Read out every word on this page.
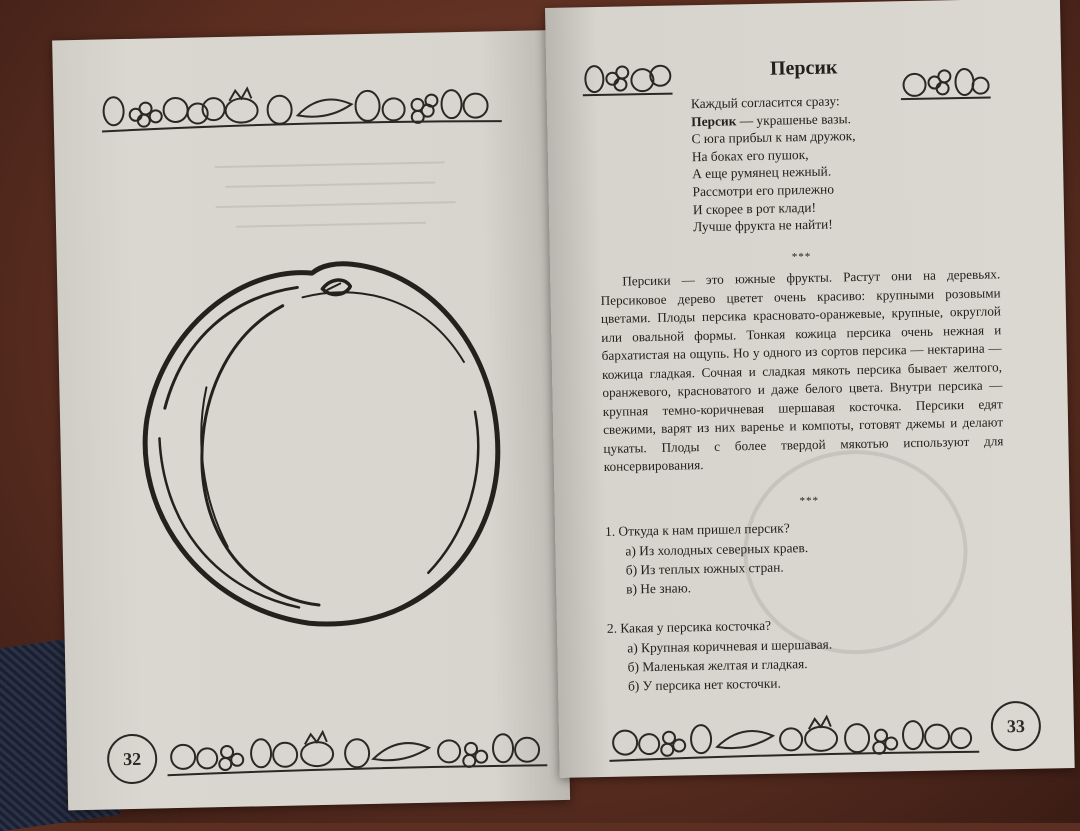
32
Персик
Каждый согласится сразу:
Персик — украшенье вазы.
С юга прибыл к нам дружок,
На боках его пушок,
А еще румянец нежный.
Рассмотри его прилежно
И скорее в рот клади!
Лучше фрукта не найти!
***

Персики — это южные фрукты. Растут они на деревьях. Персиковое дерево цветет очень красиво: крупными розовыми цветами. Плоды персика красновато-оранжевые, крупные, округлой или овальной формы. Тонкая кожица персика очень нежная и бархатистая на ощупь. Но у одного из сортов персика — нектарина — кожица гладкая. Сочная и сладкая мякоть персика бывает желтого, оранжевого, красноватого и даже белого цвета. Внутри персика — крупная темно-коричневая шершавая косточка. Персики едят свежими, варят из них варенье и компоты, готовят джемы и делают цукаты. Плоды с более твердой мякотью используют для консервирования.

***
1. Откуда к нам пришел персик?
а) Из холодных северных краев.
б) Из теплых южных стран.
в) Не знаю.
2. Какая у персика косточка?
а) Крупная коричневая и шершавая.
б) Маленькая желтая и гладкая.
б) У персика нет косточки.
33
